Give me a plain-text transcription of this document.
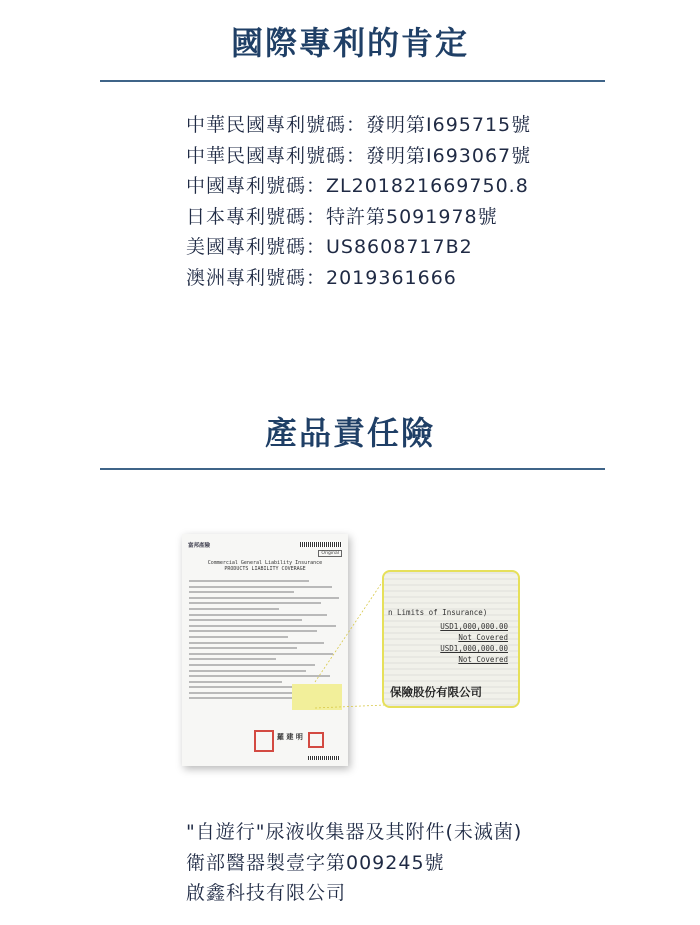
國際專利的肯定
中華民國專利號碼：發明第I695715號
中華民國專利號碼：發明第I693067號
中國專利號碼：ZL201821669750.8
日本專利號碼：特許第5091978號
美國專利號碼：US8608717B2
澳洲專利號碼：2019361666
產品責任險
富邦產險
Original
Commercial General Liability Insurance
PRODUCTS LIABILITY COVERAGE
羅 建 明
n Limits of Insurance)
USD1,000,000.00
Not Covered
USD1,000,000.00
Not Covered
保險股份有限公司
"自遊行"尿液收集器及其附件(未滅菌)
衛部醫器製壹字第009245號
啟鑫科技有限公司
